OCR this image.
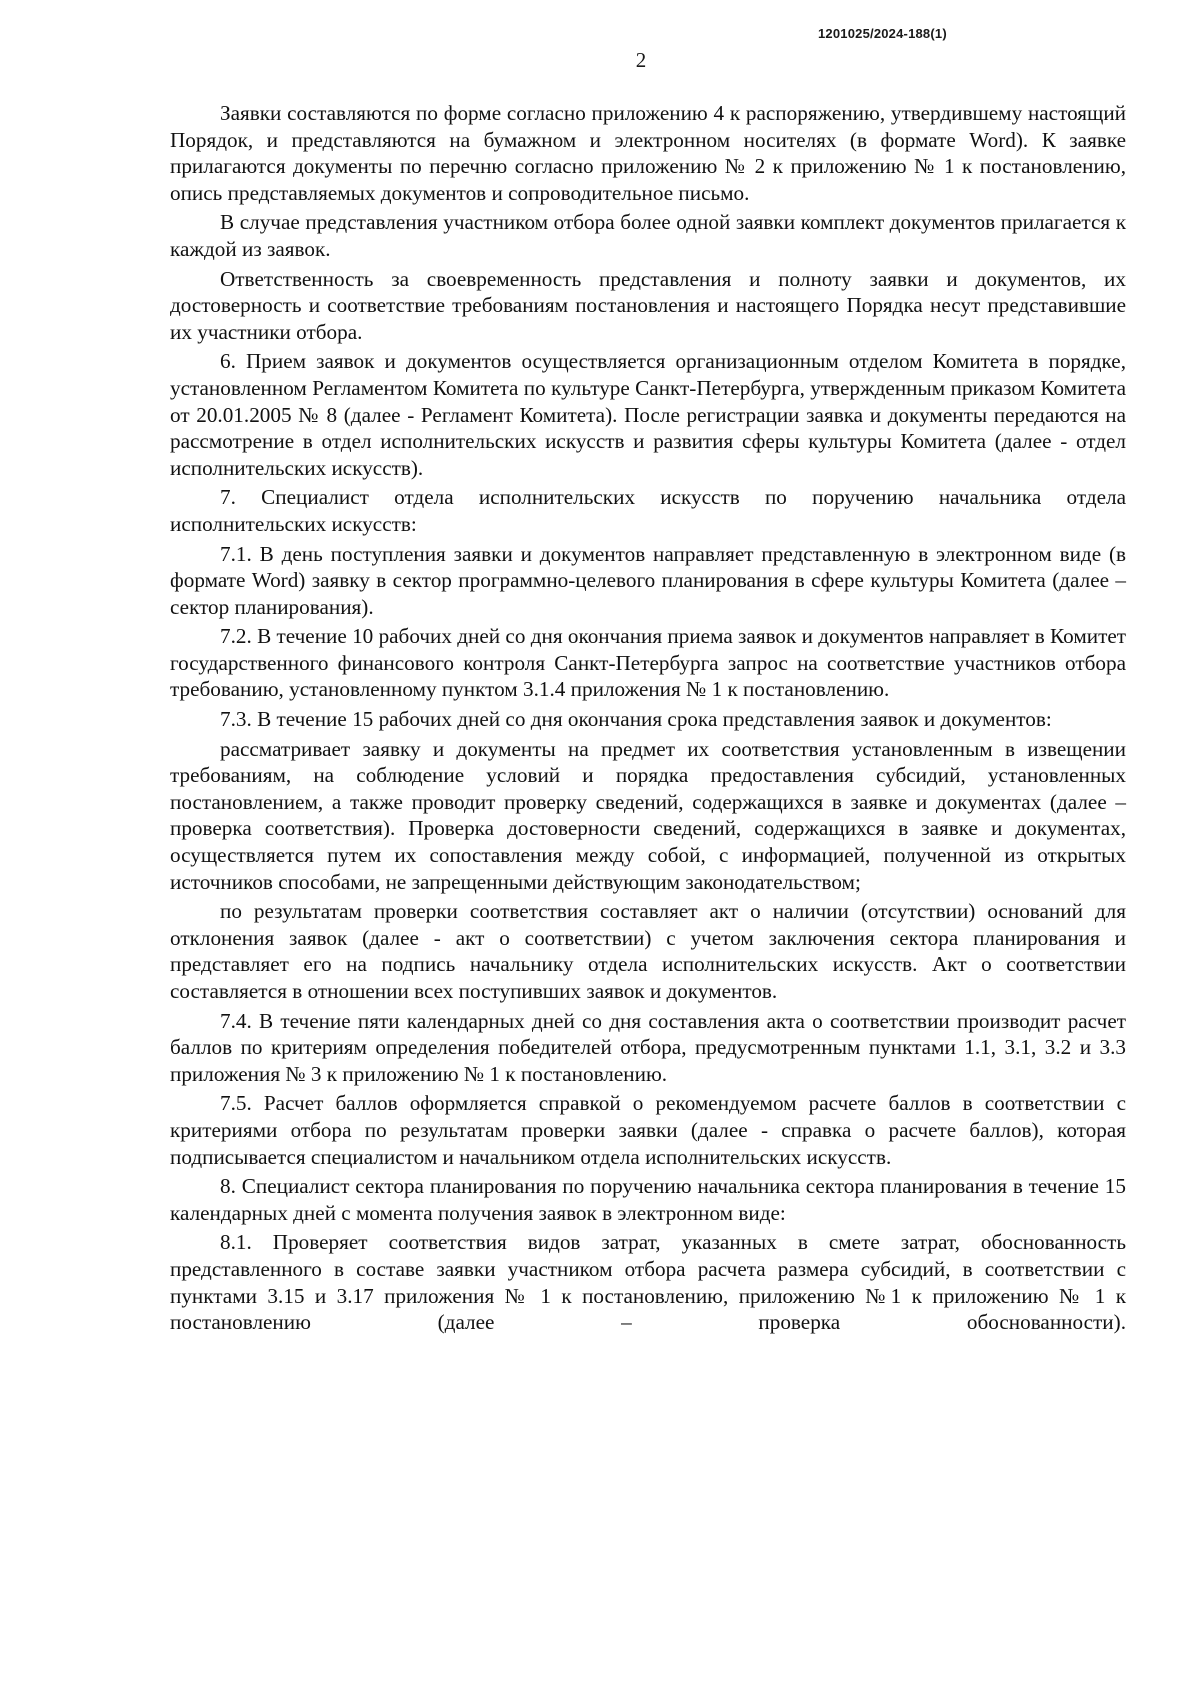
1201025/2024-188(1)
2

Заявки составляются по форме согласно приложению 4 к распоряжению, утвердившему настоящий Порядок, и представляются на бумажном и электронном носителях (в формате Word). К заявке прилагаются документы по перечню согласно приложению № 2 к приложению № 1 к постановлению, опись представляемых документов и сопроводительное письмо.

В случае представления участником отбора более одной заявки комплект документов прилагается к каждой из заявок.

Ответственность за своевременность представления и полноту заявки и документов, их достоверность и соответствие требованиям постановления и настоящего Порядка несут представившие их участники отбора.

6. Прием заявок и документов осуществляется организационным отделом Комитета в порядке, установленном Регламентом Комитета по культуре Санкт-Петербурга, утвержденным приказом Комитета от 20.01.2005 № 8 (далее - Регламент Комитета). После регистрации заявка и документы передаются на рассмотрение в отдел исполнительских искусств и развития сферы культуры Комитета (далее - отдел исполнительских искусств).

7. Специалист отдела исполнительских искусств по поручению начальника отдела исполнительских искусств:

7.1. В день поступления заявки и документов направляет представленную в электронном виде (в формате Word) заявку в сектор программно-целевого планирования в сфере культуры Комитета (далее – сектор планирования).

7.2. В течение 10 рабочих дней со дня окончания приема заявок и документов направляет в Комитет государственного финансового контроля Санкт-Петербурга запрос на соответствие участников отбора требованию, установленному пунктом 3.1.4 приложения № 1 к постановлению.

7.3. В течение 15 рабочих дней со дня окончания срока представления заявок и документов:

рассматривает заявку и документы на предмет их соответствия установленным в извещении требованиям, на соблюдение условий и порядка предоставления субсидий, установленных постановлением, а также проводит проверку сведений, содержащихся в заявке и документах (далее – проверка соответствия). Проверка достоверности сведений, содержащихся в заявке и документах, осуществляется путем их сопоставления между собой, с информацией, полученной из открытых источников способами, не запрещенными действующим законодательством;

по результатам проверки соответствия составляет акт о наличии (отсутствии) оснований для отклонения заявок (далее - акт о соответствии) с учетом заключения сектора планирования и представляет его на подпись начальнику отдела исполнительских искусств. Акт о соответствии составляется в отношении всех поступивших заявок и документов.

7.4. В течение пяти календарных дней со дня составления акта о соответствии производит расчет баллов по критериям определения победителей отбора, предусмотренным пунктами 1.1, 3.1, 3.2 и 3.3 приложения № 3 к приложению № 1 к постановлению.

7.5. Расчет баллов оформляется справкой о рекомендуемом расчете баллов в соответствии с критериями отбора по результатам проверки заявки (далее - справка о расчете баллов), которая подписывается специалистом и начальником отдела исполнительских искусств.

8. Специалист сектора планирования по поручению начальника сектора планирования в течение 15 календарных дней с момента получения заявок в электронном виде:

8.1. Проверяет соответствия видов затрат, указанных в смете затрат, обоснованность представленного в составе заявки участником отбора расчета размера субсидий, в соответствии с пунктами 3.15 и 3.17 приложения № 1 к постановлению, приложению №1 к приложению № 1 к постановлению (далее – проверка обоснованности).
